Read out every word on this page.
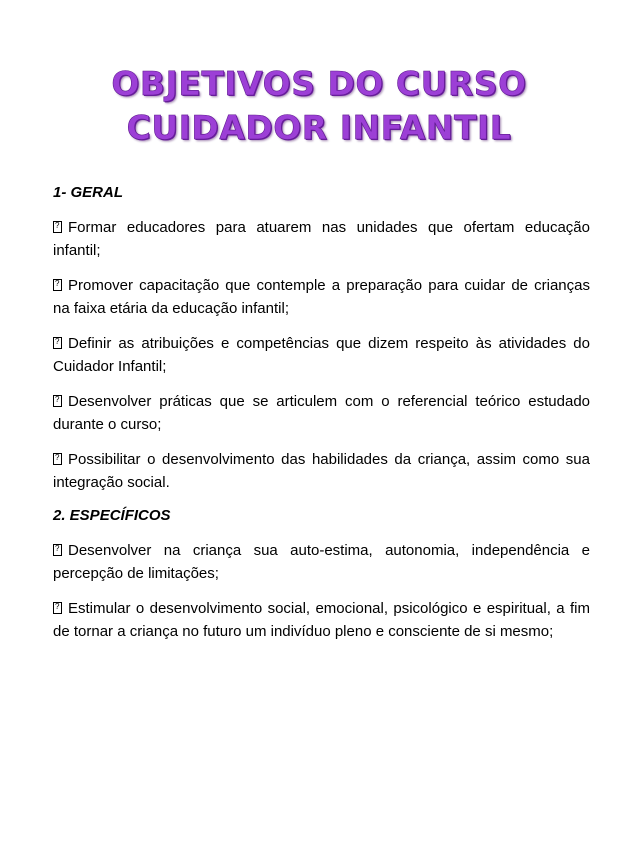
OBJETIVOS DO CURSO
CUIDADOR INFANTIL
1- GERAL
?Formar educadores para atuarem nas unidades que ofertam educação infantil;
?Promover capacitação que contemple a preparação para cuidar de crianças na faixa etária da educação infantil;
?Definir as atribuições e competências que dizem respeito às atividades do Cuidador Infantil;
?Desenvolver práticas que se articulem com o referencial teórico estudado durante o curso;
?Possibilitar o desenvolvimento das habilidades da criança, assim como sua integração social.
2. ESPECÍFICOS
?Desenvolver na criança sua auto-estima, autonomia, independência e percepção de limitações;
?Estimular o desenvolvimento social, emocional, psicológico e espiritual, a fim de tornar a criança no futuro um indivíduo pleno e consciente de si mesmo;
